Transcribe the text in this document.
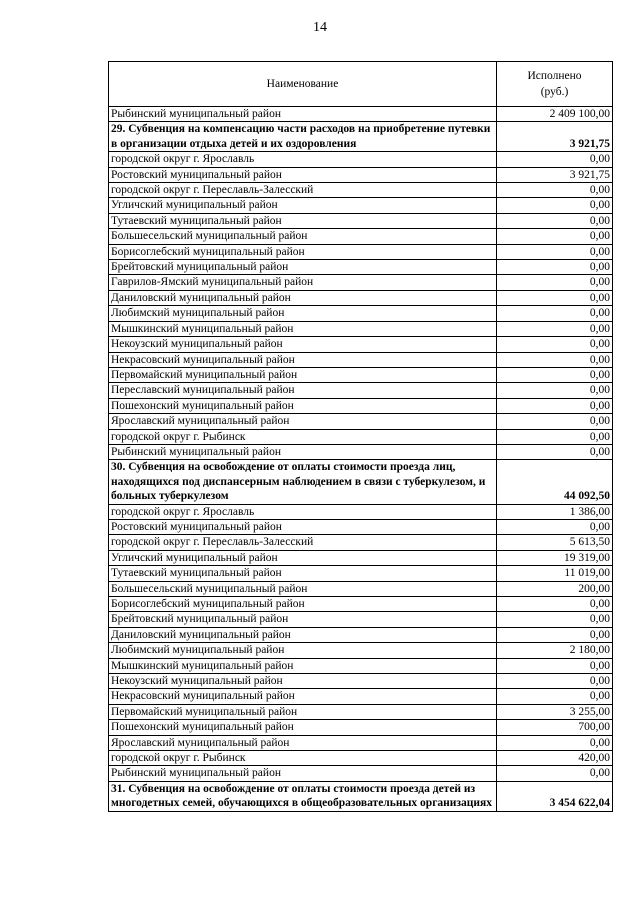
14
Наименование	Исполнено
(руб.)
Рыбинский муниципальный район	2 409 100,00
29. Субвенция на компенсацию части расходов на приобретение путевки в организации отдыха детей и их оздоровления	3 921,75
городской округ г. Ярославль	0,00
Ростовский муниципальный район	3 921,75
городской округ г. Переславль-Залесский	0,00
Угличский муниципальный район	0,00
Тутаевский муниципальный район	0,00
Большесельский муниципальный район	0,00
Борисоглебский муниципальный район	0,00
Брейтовский муниципальный район	0,00
Гаврилов-Ямский муниципальный район	0,00
Даниловский муниципальный район	0,00
Любимский муниципальный район	0,00
Мышкинский муниципальный район	0,00
Некоузский муниципальный район	0,00
Некрасовский муниципальный район	0,00
Первомайский муниципальный район	0,00
Переславский муниципальный район	0,00
Пошехонский муниципальный район	0,00
Ярославский муниципальный район	0,00
городской округ г. Рыбинск	0,00
Рыбинский муниципальный район	0,00
30. Субвенция на освобождение от оплаты стоимости проезда лиц, находящихся под диспансерным наблюдением в связи с туберкулезом, и больных туберкулезом	44 092,50
городской округ г. Ярославль	1 386,00
Ростовский муниципальный район	0,00
городской округ г. Переславль-Залесский	5 613,50
Угличский муниципальный район	19 319,00
Тутаевский муниципальный район	11 019,00
Большесельский муниципальный район	200,00
Борисоглебский муниципальный район	0,00
Брейтовский муниципальный район	0,00
Даниловский муниципальный район	0,00
Любимский муниципальный район	2 180,00
Мышкинский муниципальный район	0,00
Некоузский муниципальный район	0,00
Некрасовский муниципальный район	0,00
Первомайский муниципальный район	3 255,00
Пошехонский муниципальный район	700,00
Ярославский муниципальный район	0,00
городской округ г. Рыбинск	420,00
Рыбинский муниципальный район	0,00
31. Субвенция на освобождение от оплаты стоимости проезда детей из многодетных семей, обучающихся в общеобразовательных организациях	3 454 622,04
